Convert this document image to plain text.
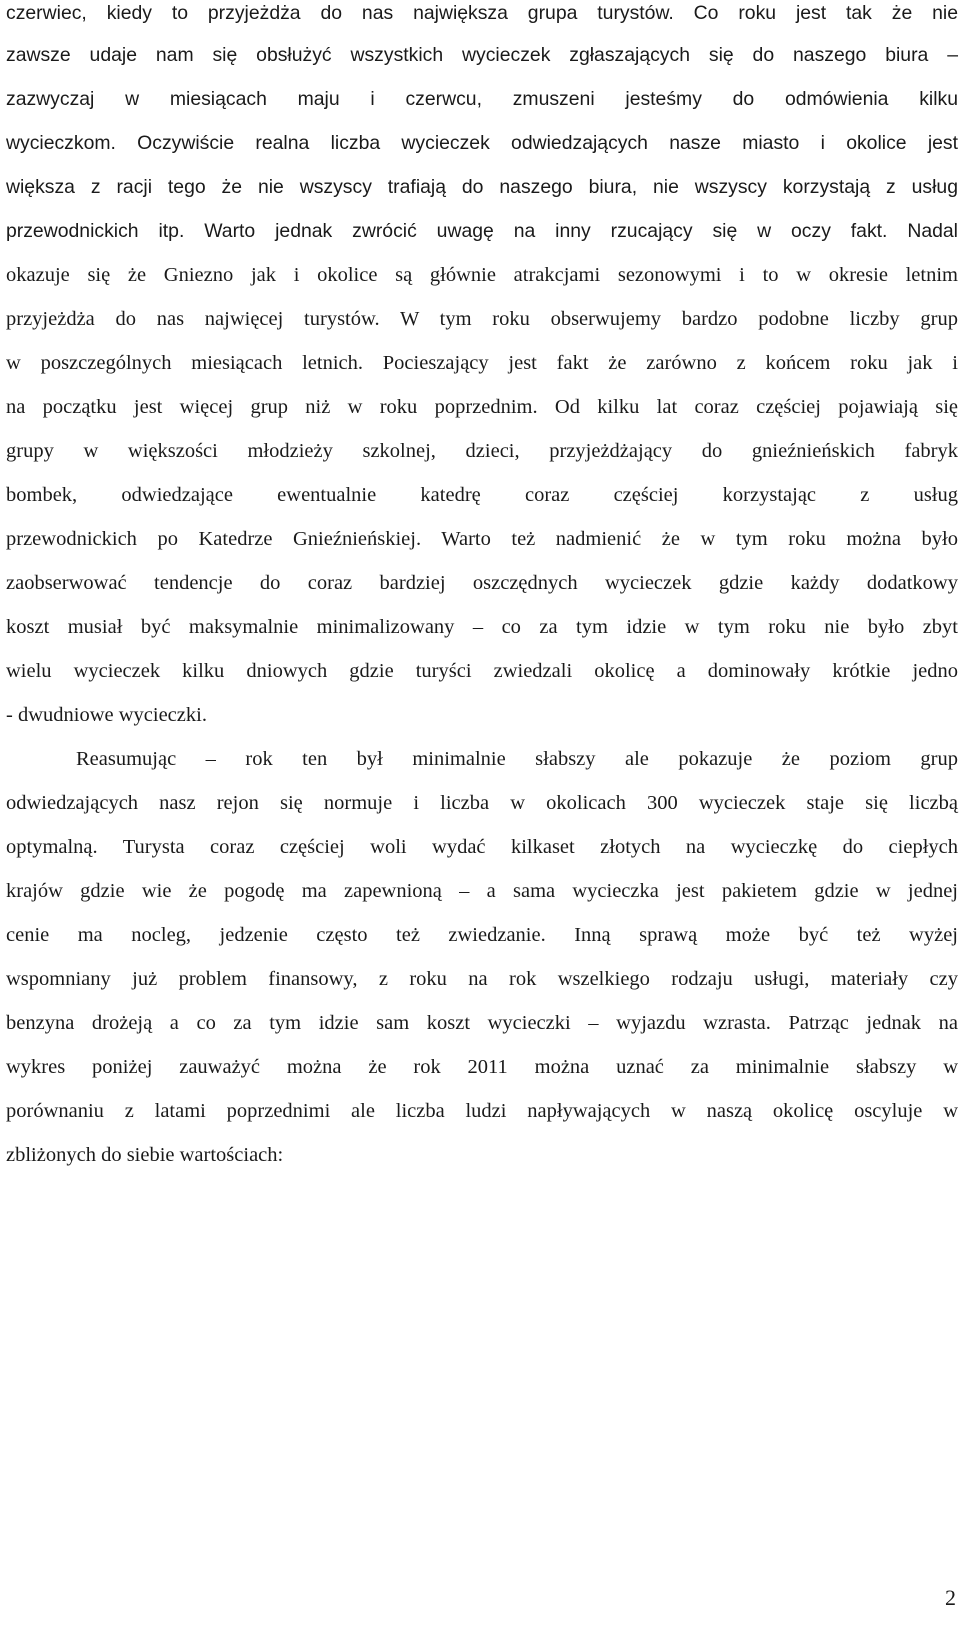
czerwiec, kiedy to przyjeżdża do nas największa grupa turystów. Co roku jest tak że nie
zawsze udaje nam się obsłużyć wszystkich wycieczek zgłaszających się do naszego biura –
zazwyczaj w miesiącach maju i czerwcu, zmuszeni jesteśmy do odmówienia kilku
wycieczkom. Oczywiście realna liczba wycieczek odwiedzających nasze miasto i okolice jest
większa z racji tego że nie wszyscy trafiają do naszego biura, nie wszyscy korzystają z usług
przewodnickich itp. Warto jednak zwrócić uwagę na inny rzucający się w oczy fakt. Nadal
okazuje się że Gniezno jak i okolice są głównie atrakcjami sezonowymi i to w okresie letnim
przyjeżdża do nas najwięcej turystów. W tym roku obserwujemy bardzo podobne liczby grup
w poszczególnych miesiącach letnich. Pocieszający jest fakt że zarówno z końcem roku jak i
na początku jest więcej grup niż w roku poprzednim. Od kilku lat coraz częściej pojawiają się
grupy w większości młodzieży szkolnej, dzieci, przyjeżdżający do gnieźnieńskich fabryk
bombek, odwiedzające ewentualnie katedrę coraz częściej korzystając z usług
przewodnickich po Katedrze Gnieźnieńskiej. Warto też nadmienić że w tym roku można było
zaobserwować tendencje do coraz bardziej oszczędnych wycieczek gdzie każdy dodatkowy
koszt musiał być maksymalnie minimalizowany – co za tym idzie w tym roku nie było zbyt
wielu wycieczek kilku dniowych gdzie turyści zwiedzali okolicę a dominowały krótkie jedno
- dwudniowe wycieczki.
Reasumując – rok ten był minimalnie słabszy ale pokazuje że poziom grup
odwiedzających nasz rejon się normuje i liczba w okolicach 300 wycieczek staje się liczbą
optymalną. Turysta coraz częściej woli wydać kilkaset złotych na wycieczkę do ciepłych
krajów gdzie wie że pogodę ma zapewnioną – a sama wycieczka jest pakietem gdzie w jednej
cenie ma nocleg, jedzenie często też zwiedzanie. Inną sprawą może być też wyżej
wspomniany już problem finansowy, z roku na rok wszelkiego rodzaju usługi, materiały czy
benzyna drożeją a co za tym idzie sam koszt wycieczki – wyjazdu wzrasta. Patrząc jednak na
wykres poniżej zauważyć można że rok 2011 można uznać za minimalnie słabszy w
porównaniu z latami poprzednimi ale liczba ludzi napływających w naszą okolicę oscyluje w
zbliżonych do siebie wartościach:
2
